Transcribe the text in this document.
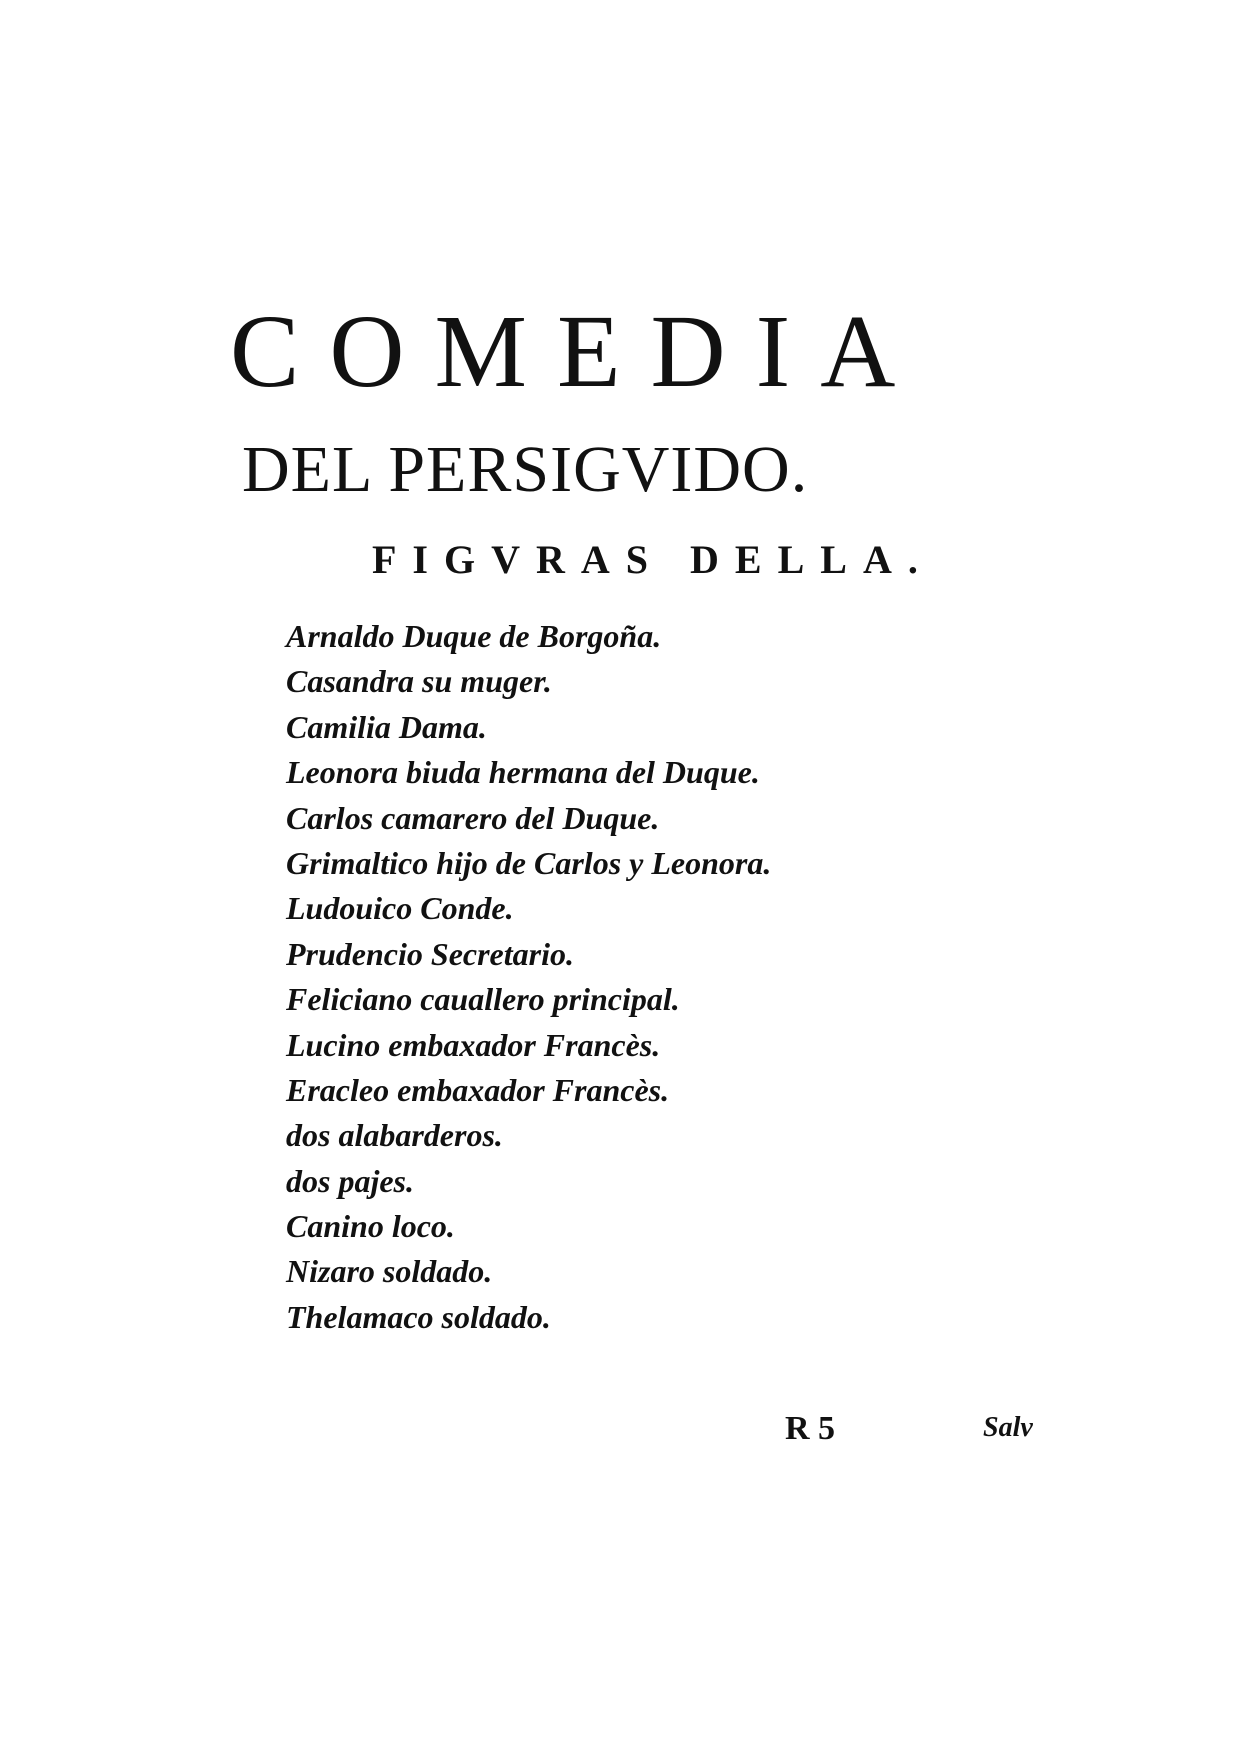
COMEDIA
DEL PERSIGVIDO.
FIGVRAS DELLA.
Arnaldo Duque de Borgoña.
Casandra su muger.
Camilia Dama.
Leonora biuda hermana del Duque.
Carlos camarero del Duque.
Grimaltico hijo de Carlos y Leonora.
Ludouico Conde.
Prudencio Secretario.
Feliciano cauallero principal.
Lucino embaxador Francès.
Eracleo embaxador Francès.
dos alabarderos.
dos pajes.
Canino loco.
Nizaro soldado.
Thelamaco soldado.
R 5	Salv
